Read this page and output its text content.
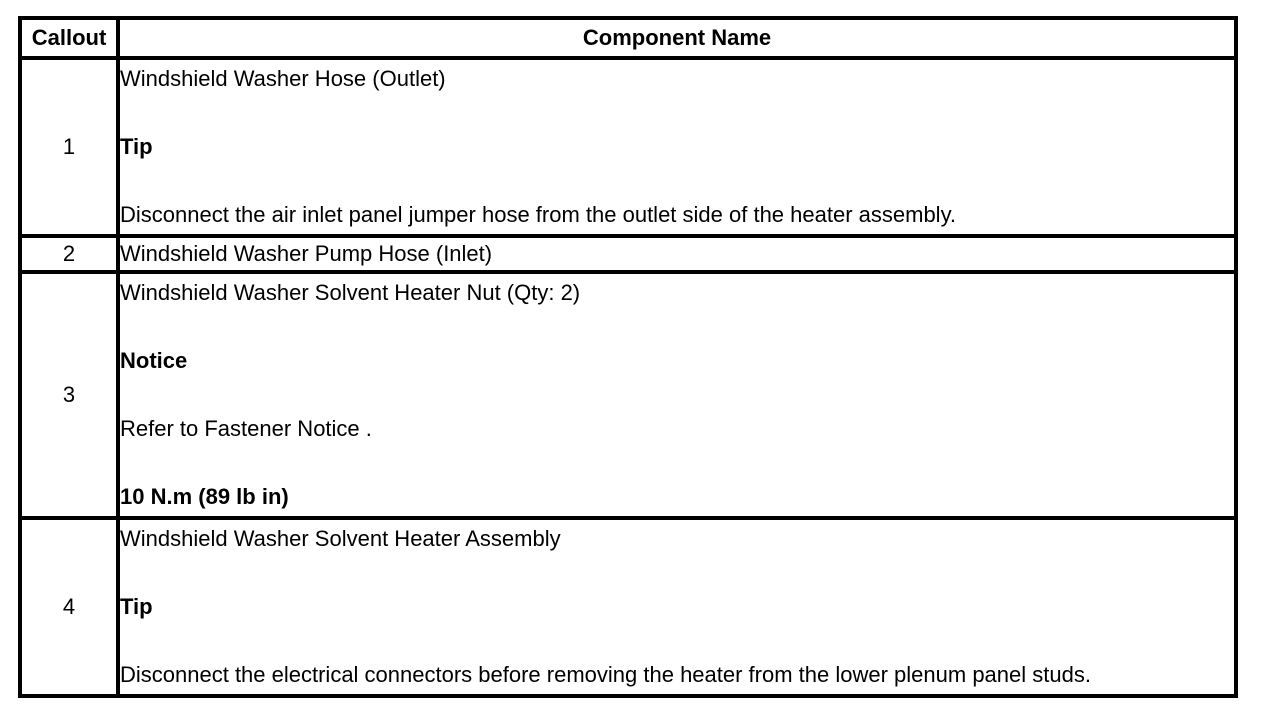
Callout	Component Name
1	Windshield Washer Hose (Outlet)
Tip
Disconnect the air inlet panel jumper hose from the outlet side of the heater assembly.

2	Windshield Washer Pump Hose (Inlet)

3	Windshield Washer Solvent Heater Nut (Qty: 2)
Notice
Refer to Fastener Notice .
10 N.m (89 lb in)

4	Windshield Washer Solvent Heater Assembly
Tip
Disconnect the electrical connectors before removing the heater from the lower plenum panel studs.
